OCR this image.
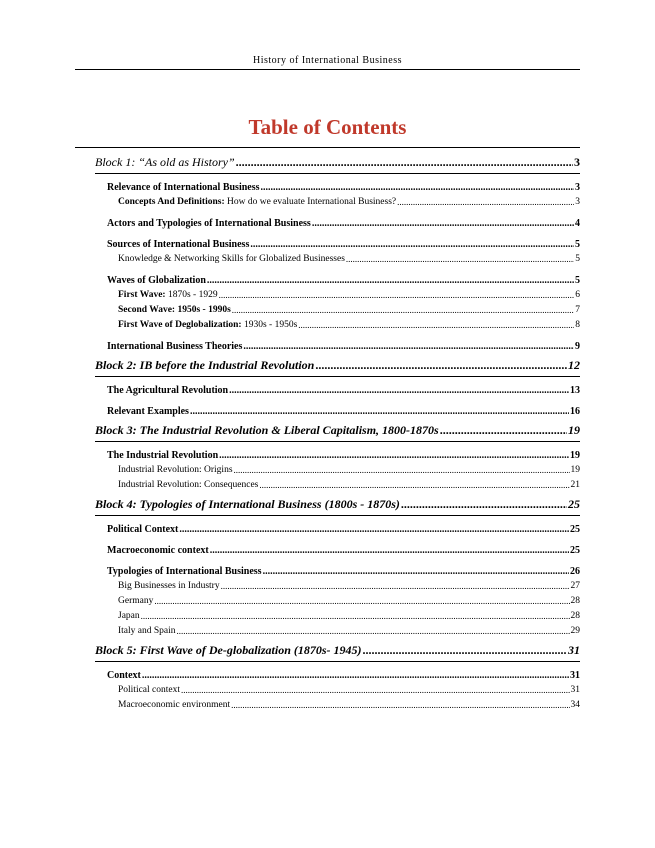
History of International Business
Table of Contents
Block 1: “As old as History” .....	3
Relevance of International Business .....	3
Concepts And Definitions: How do we evaluate International Business? .....	3
Actors and Typologies of International Business .....	4
Sources of International Business .....	5
Knowledge & Networking Skills for Globalized Businesses .....	5
Waves of Globalization .....	5
First Wave: 1870s - 1929 .....	6
Second Wave: 1950s - 1990s .....	7
First Wave of Deglobalization: 1930s - 1950s .....	8
International Business Theories .....	9
Block 2: IB before the Industrial Revolution .....	12
The Agricultural Revolution .....	13
Relevant Examples .....	16
Block 3: The Industrial Revolution & Liberal Capitalism, 1800-1870s .....	19
The Industrial Revolution .....	19
Industrial Revolution: Origins .....	19
Industrial Revolution: Consequences .....	21
Block 4: Typologies of International Business (1800s - 1870s) .....	25
Political Context .....	25
Macroeconomic context .....	25
Typologies of International Business .....	26
Big Businesses in Industry .....	27
Germany .....	28
Japan .....	28
Italy and Spain .....	29
Block 5: First Wave of De-globalization (1870s- 1945) .....	31
Context .....	31
Political context .....	31
Macroeconomic environment .....	34
